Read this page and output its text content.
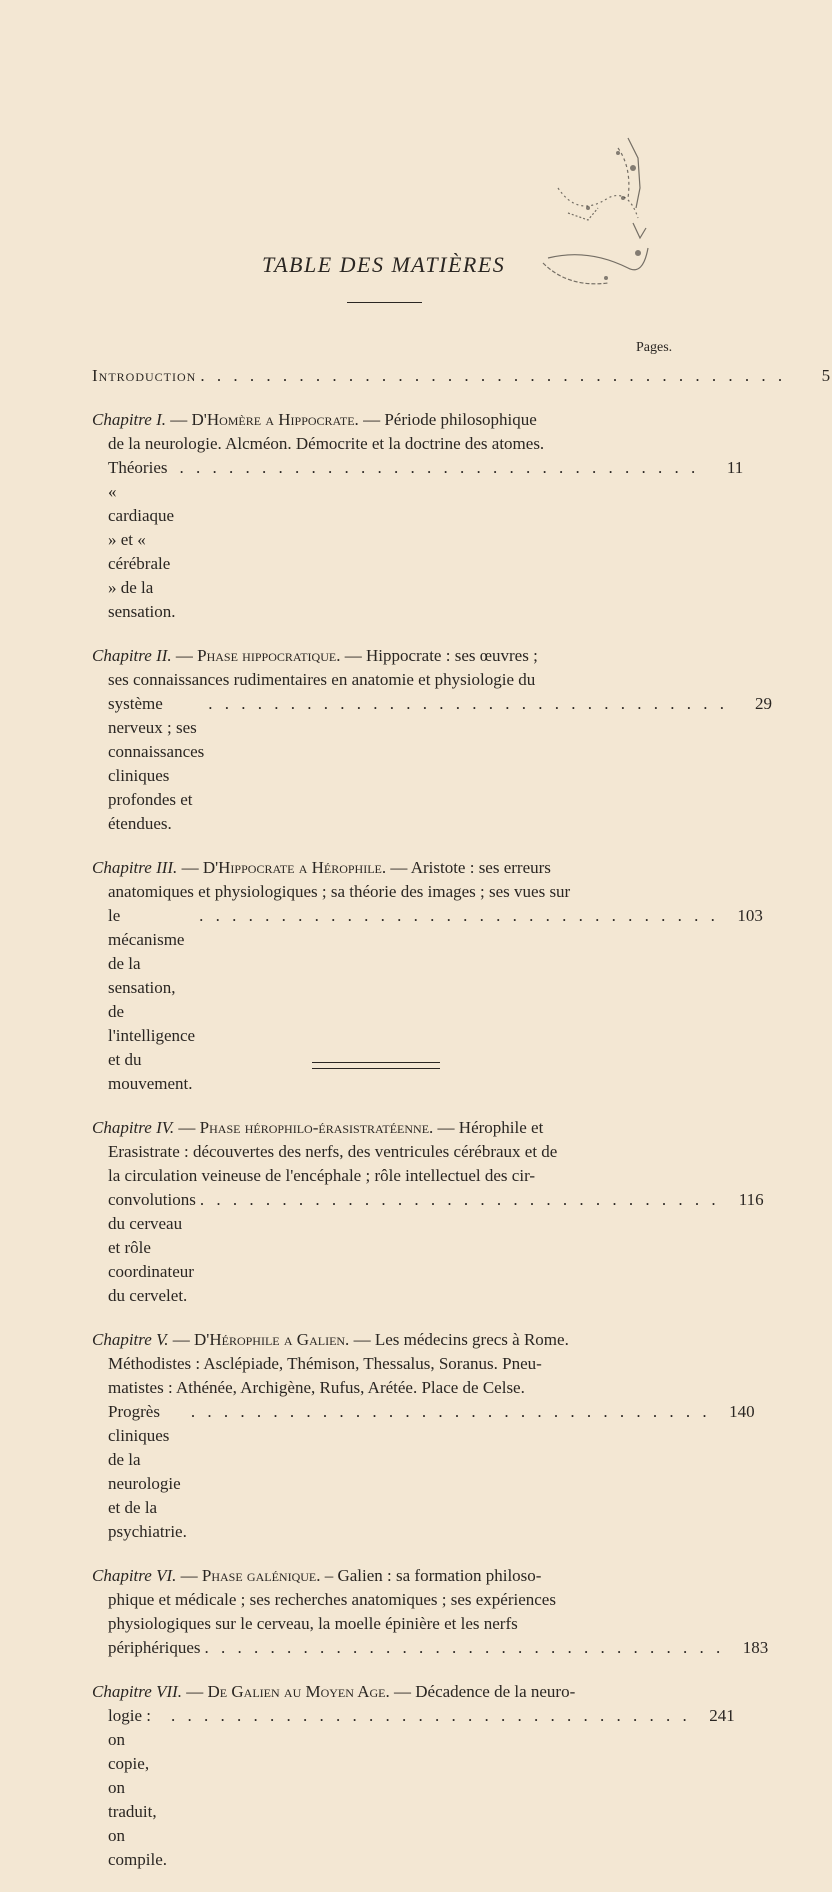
TABLE DES MATIÈRES
Pages.
Introduction . . . . . . . . . . . . . . . . . . . . . . . . . . . . . . . . . . . .	5
Chapitre I. — D'Homère a Hippocrate. — Période philosophique
de la neurologie. Alcméon. Démocrite et la doctrine des atomes.
Théories « cardiaque » et « cérébrale » de la sensation.
. . . . . . . . . . . . . . . . . . . . . . . . . . . . . . . .	11
Chapitre II. — Phase hippocratique. — Hippocrate : ses œuvres ;
ses connaissances rudimentaires en anatomie et physiologie du
système nerveux ; ses connaissances cliniques profondes et étendues.
. . . . . . . . . . . . . . . . . . . . . . . . . . . . . . . .	29
Chapitre III. — D'Hippocrate a Hérophile. — Aristote : ses erreurs
anatomiques et physiologiques ; sa théorie des images ; ses vues sur
le mécanisme de la sensation, de l'intelligence et du mouvement.
. . . . . . . . . . . . . . . . . . . . . . . . . . . . . . . .	103
Chapitre IV. — Phase hérophilo-érasistratéenne. — Hérophile et
Erasistrate : découvertes des nerfs, des ventricules cérébraux et de
la circulation veineuse de l'encéphale ; rôle intellectuel des cir-
convolutions du cerveau et rôle coordinateur du cervelet.
. . . . . . . . . . . . . . . . . . . . . . . . . . . . . . . .	116
Chapitre V. — D'Hérophile a Galien. — Les médecins grecs à Rome.
Méthodistes : Asclépiade, Thémison, Thessalus, Soranus. Pneu-
matistes : Athénée, Archigène, Rufus, Arétée. Place de Celse.
Progrès cliniques de la neurologie et de la psychiatrie.
. . . . . . . . . . . . . . . . . . . . . . . . . . . . . . . .	140
Chapitre VI. — Phase galénique. – Galien : sa formation philoso-
phique et médicale ; ses recherches anatomiques ; ses expériences
physiologiques sur le cerveau, la moelle épinière et les nerfs
périphériques . . . . . . . . . . . . . . . . . . . . . . . . . . . . . . . .	183
Chapitre VII. — De Galien au Moyen Age. — Décadence de la neuro-
logie : on copie, on traduit, on compile.
. . . . . . . . . . . . . . . . . . . . . . . . . . . . . . . .	241
